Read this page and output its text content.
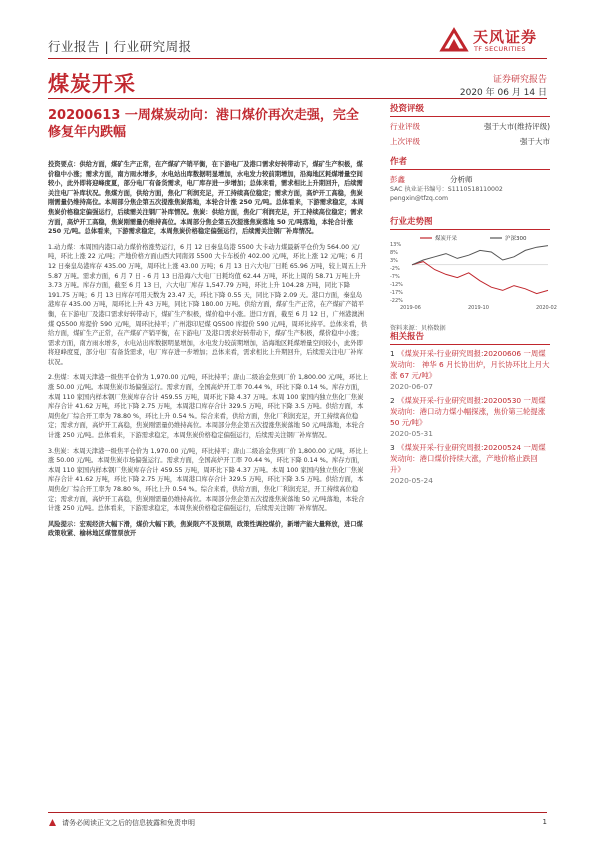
行业报告 | 行业研究周报
天风证券
TF SECURITIES
煤炭开采	证券研究报告
2020 年 06 月 14 日
20200613 一周煤炭动向：港口煤价再次走强，完全修复年内跌幅

投资要点：供给方面，煤矿生产正常，在产煤矿产销平衡，在下游电厂及港口需求好转带动下，煤矿生产积极，煤价稳中小涨；需求方面，南方雨水增多，水电站出库数据明显增加，水电发力较前期增加，沿海地区耗煤增量空间较小，此外即将迎峰度夏，部分电厂有备货需求，电厂库存进一步增加；总体来看，需求相比上升期回升，后续需关注电厂补库状况。焦煤方面，供给方面，焦化厂利润充足，开工持续高位稳定；需求方面，高炉开工高稳，焦炭刚需量仍维持高位。本周部分焦企第五次提涨焦炭落地，本轮合计涨 250 元/吨。总体看来，下游需求稳定，本周焦炭价格稳定偏强运行，后续需关注钢厂补库情况。焦炭：供给方面，焦化厂利润充足，开工持续高位稳定；需求方面，高炉开工高稳，焦炭刚需量仍维持高位。本周部分焦企第五次提涨焦炭落地 50 元/吨落地，本轮合计涨 250 元/吨。总体看来，下游需求稳定，本周焦炭价格稳定偏强运行，后续需关注钢厂补库情况。

1.动力煤：本周国内港口动力煤价格涨势运行，6 月 12 日秦皇岛港 5500 大卡动力煤最新平仓价为 564.00 元/吨，环比上涨 22 元/吨；产地价格方面山西大同南郊 5500 大卡车板价 402.00 元/吨，环比上涨 12 元/吨；6 月 12 日秦皇岛港库存 435.00 万吨，周环比上涨 43.00 万吨；6 月 13 日六大电厂日耗 65.96 万吨，较上周五上升 5.87 万吨。需求方面，6 月 7 日 - 6 月 13 日沿海六大电厂日耗均值 62.44 万吨，环比上周的 58.71 万吨上升 3.73 万吨。库存方面，截至 6 月 13 日，六大电厂库存 1,547.79 万吨，环比上升 104.28 万吨，同比下降 191.75 万吨；6 月 13 日库存可用天数为 23.47 天，环比下降 0.55 天，同比下降 2.09 天。港口方面，秦皇岛港库存 435.00 万吨，周环比上升 43 万吨，同比下降 180.00 万吨。供给方面，煤矿生产正常，在产煤矿产销平衡，在下游电厂及港口需求好转带动下，煤矿生产积极，煤价稳中小涨。进口方面，截至 6 月 12 日，广州港澳洲煤 Q5500 库提价 590 元/吨，周环比持平；广州港印尼煤 Q5500 库提价 590 元/吨，周环比持平。总体来看，供给方面，煤矿生产正常，在产煤矿产销平衡，在下游电厂及港口需求好转带动下，煤矿生产积极，煤价稳中小涨；需求方面，南方雨水增多，水电站出库数据明显增加，水电发力较前期增加，沿海地区耗煤增量空间较小，此外即将迎峰度夏，部分电厂有备货需求，电厂库存进一步增加；总体来看，需求相比上升期回升，后续需关注电厂补库状况。

2.焦煤：本周天津港一级焦平仓价为 1,970.00 元/吨，环比持平；唐山二级冶金焦到厂价 1,800.00 元/吨，环比上涨 50.00 元/吨。本周焦炭市场偏强运行。需求方面，全国高炉开工率 70.44 %，环比下降 0.14 %。库存方面，本周 110 家国内样本钢厂焦炭库存合计 459.55 万吨，周环比下降 4.37 万吨。本周 100 家国内独立焦化厂焦炭库存合计 41.62 万吨，环比下降 2.75 万吨，本周港口库存合计 329.5 万吨，环比下降 3.5 万吨。供给方面，本周焦化厂综合开工率为 78.80 %，环比上升 0.54 %。综合来看，供给方面，焦化厂利润充足，开工持续高位稳定；需求方面，高炉开工高稳，焦炭刚需量仍维持高位。本周部分焦企第五次提涨焦炭落地 50 元/吨落地，本轮合计涨 250 元/吨。总体看来，下游需求稳定，本周焦炭价格稳定偏强运行，后续需关注钢厂补库情况。

3.焦炭：本周天津港一级焦平仓价为 1,970.00 元/吨，环比持平；唐山二级冶金焦到厂价 1,800.00 元/吨，环比上涨 50.00 元/吨。本周焦炭市场偏强运行。需求方面，全国高炉开工率 70.44 %，环比下降 0.14 %。库存方面，本周 110 家国内样本钢厂焦炭库存合计 459.55 万吨，周环比下降 4.37 万吨。本周 100 家国内独立焦化厂焦炭库存合计 41.62 万吨，环比下降 2.75 万吨，本周港口库存合计 329.5 万吨，环比下降 3.5 万吨。供给方面，本周焦化厂综合开工率为 78.80 %，环比上升 0.54 %。综合来看，供给方面，焦化厂利润充足，开工持续高位稳定；需求方面，高炉开工高稳，焦炭刚需量仍维持高位。本周部分焦企第五次提涨焦炭落地 50 元/吨落地，本轮合计涨 250 元/吨。总体看来，下游需求稳定，本周焦炭价格稳定偏强运行，后续需关注钢厂补库情况。

风险提示：宏观经济大幅下滑，煤价大幅下跌，焦炭限产不及预期，政策性调控煤价，新增产能大量释放，进口煤政策收紧、榆林地区煤管票放开

投资评级
行业评级	强于大市(维持评级)
上次评级	强于大市
作者
彭鑫	分析师
SAC 执业证书编号：S1110518110002
pengxin@tfzq.com
行业走势图
13%
8%
3%
-2%
-7%
-12%
-17%
-22%
2019-06	2019-10	2020-02
煤炭开采	沪深300
资料来源：贝格数据
相关报告
1 《煤炭开采-行业研究周报:20200606 一周煤炭动向： 神华 6 月长协出炉，月长协环比上月大涨 67 元/吨》
2020-06-07
2 《煤炭开采-行业研究周报:20200530 一周煤炭动向：港口动力煤小幅探涨，焦价第三轮提涨 50 元/吨》
2020-05-31
3 《煤炭开采-行业研究周报:20200524 一周煤炭动向：港口煤价持续大涨，产地价格止跌回升》
2020-05-24
请务必阅读正文之后的信息披露和免责申明	1
